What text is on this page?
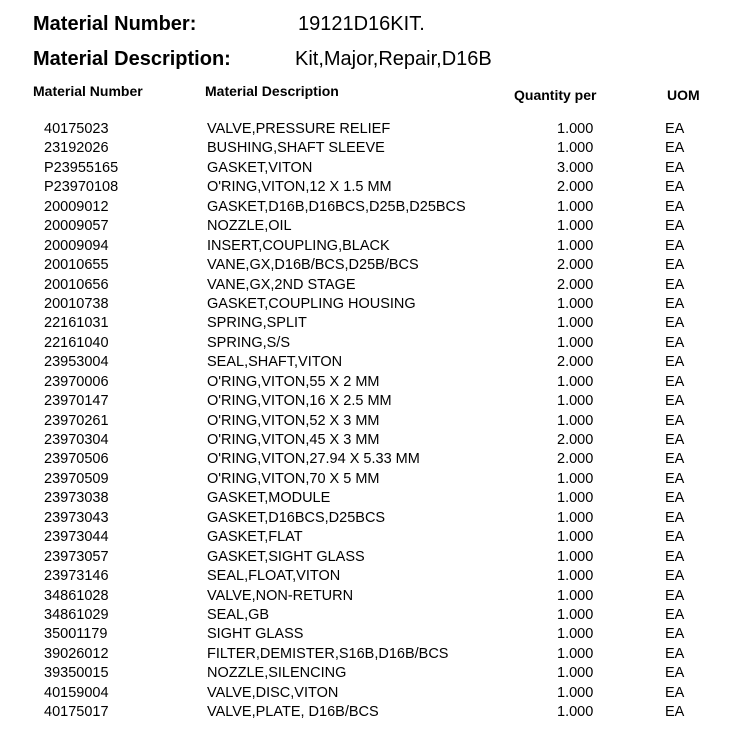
Material Number:	19121D16KIT.
Material Description:	Kit,Major,Repair,D16B
Material Number	Material Description	Quantity per	UOM
40175023	VALVE,PRESSURE RELIEF	1.000	EA
23192026	BUSHING,SHAFT SLEEVE	1.000	EA
P23955165	GASKET,VITON	3.000	EA
P23970108	O'RING,VITON,12 X 1.5 MM	2.000	EA
20009012	GASKET,D16B,D16BCS,D25B,D25BCS	1.000	EA
20009057	NOZZLE,OIL	1.000	EA
20009094	INSERT,COUPLING,BLACK	1.000	EA
20010655	VANE,GX,D16B/BCS,D25B/BCS	2.000	EA
20010656	VANE,GX,2ND STAGE	2.000	EA
20010738	GASKET,COUPLING HOUSING	1.000	EA
22161031	SPRING,SPLIT	1.000	EA
22161040	SPRING,S/S	1.000	EA
23953004	SEAL,SHAFT,VITON	2.000	EA
23970006	O'RING,VITON,55 X 2 MM	1.000	EA
23970147	O'RING,VITON,16 X 2.5 MM	1.000	EA
23970261	O'RING,VITON,52 X 3 MM	1.000	EA
23970304	O'RING,VITON,45 X 3 MM	2.000	EA
23970506	O'RING,VITON,27.94 X 5.33 MM	2.000	EA
23970509	O'RING,VITON,70 X 5 MM	1.000	EA
23973038	GASKET,MODULE	1.000	EA
23973043	GASKET,D16BCS,D25BCS	1.000	EA
23973044	GASKET,FLAT	1.000	EA
23973057	GASKET,SIGHT GLASS	1.000	EA
23973146	SEAL,FLOAT,VITON	1.000	EA
34861028	VALVE,NON-RETURN	1.000	EA
34861029	SEAL,GB	1.000	EA
35001179	SIGHT GLASS	1.000	EA
39026012	FILTER,DEMISTER,S16B,D16B/BCS	1.000	EA
39350015	NOZZLE,SILENCING	1.000	EA
40159004	VALVE,DISC,VITON	1.000	EA
40175017	VALVE,PLATE, D16B/BCS	1.000	EA
